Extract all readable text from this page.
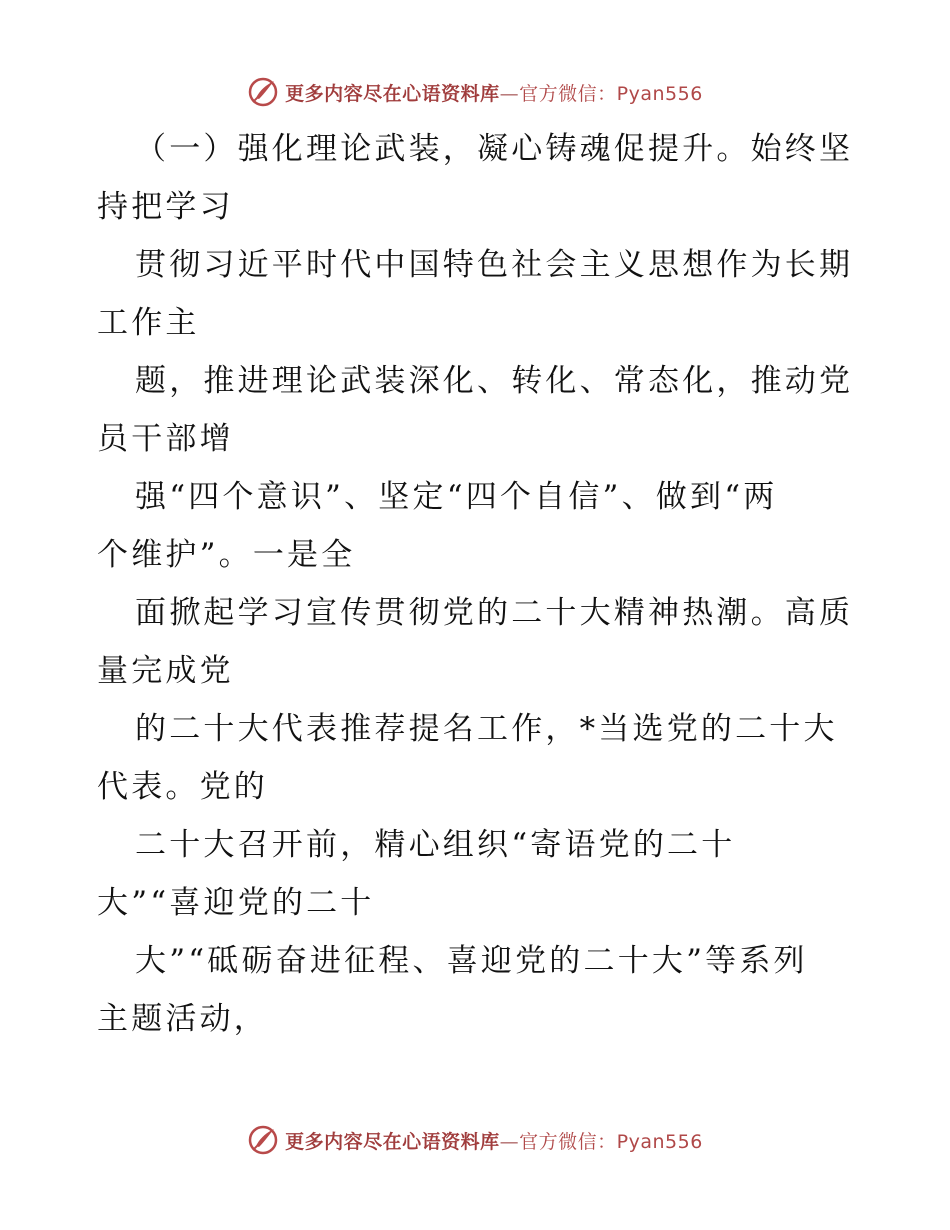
更多内容尽在心语资料库—官方微信：Pyan556
（一）强化理论武装，凝心铸魂促提升。始终坚
持把学习
贯彻习近平时代中国特色社会主义思想作为长期
工作主
题，推进理论武装深化、转化、常态化，推动党
员干部增
强“四个意识”、坚定“四个自信”、做到“两
个维护”。一是全
面掀起学习宣传贯彻党的二十大精神热潮。高质
量完成党
的二十大代表推荐提名工作，*当选党的二十大
代表。党的
二十大召开前，精心组织“寄语党的二十
大”“喜迎党的二十
大”“砥砺奋进征程、喜迎党的二十大”等系列
主题活动，
更多内容尽在心语资料库—官方微信：Pyan556
